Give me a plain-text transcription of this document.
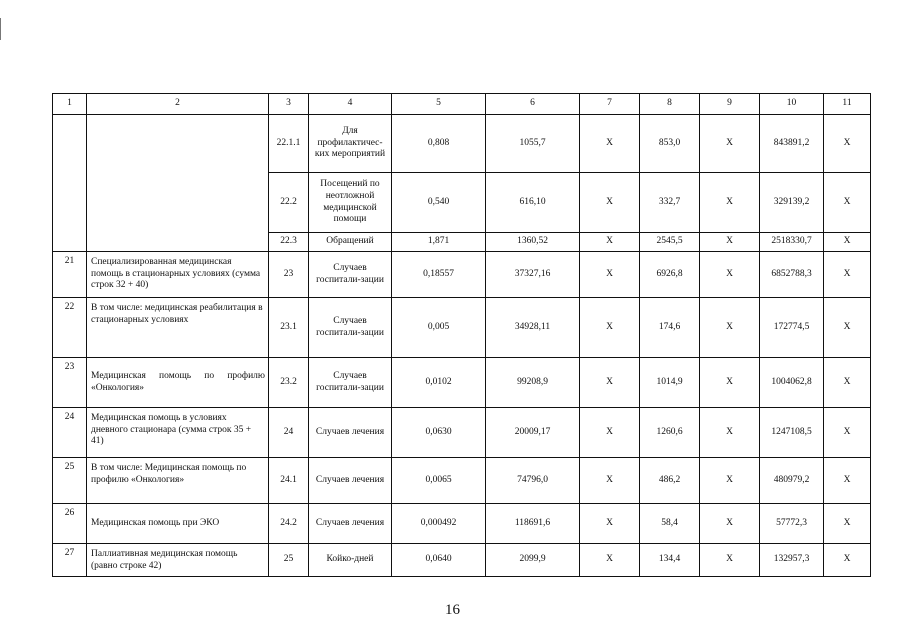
1	2	3	4	5	6	7	8	9	10	11
		22.1.1	Для профилактичес-ких мероприятий	0,808	1055,7	X	853,0	X	843891,2	X
		22.2	Посещений по неотложной медицинской помощи	0,540	616,10	X	332,7	X	329139,2	X
		22.3	Обращений	1,871	1360,52	X	2545,5	X	2518330,7	X
21	Специализированная медицинская помощь в стационарных условиях (сумма строк 32 + 40)	23	Случаев госпитали-зации	0,18557	37327,16	X	6926,8	X	6852788,3	X
22	В том числе: медицинская реабилитация в стационарных условиях	23.1	Случаев госпитали-зации	0,005	34928,11	X	174,6	X	172774,5	X
23	Медицинская помощь по профилю «Онкология»	23.2	Случаев госпитали-зации	0,0102	99208,9	X	1014,9	X	1004062,8	X
24	Медицинская помощь в условиях дневного стационара (сумма строк 35 + 41)	24	Случаев лечения	0,0630	20009,17	X	1260,6	X	1247108,5	X
25	В том числе: Медицинская помощь по профилю «Онкология»	24.1	Случаев лечения	0,0065	74796,0	X	486,2	X	480979,2	X
26	Медицинская помощь при ЭКО	24.2	Случаев лечения	0,000492	118691,6	X	58,4	X	57772,3	X
27	Паллиативная медицинская помощь (равно строке 42)	25	Койко-дней	0,0640	2099,9	X	134,4	X	132957,3	X
16
